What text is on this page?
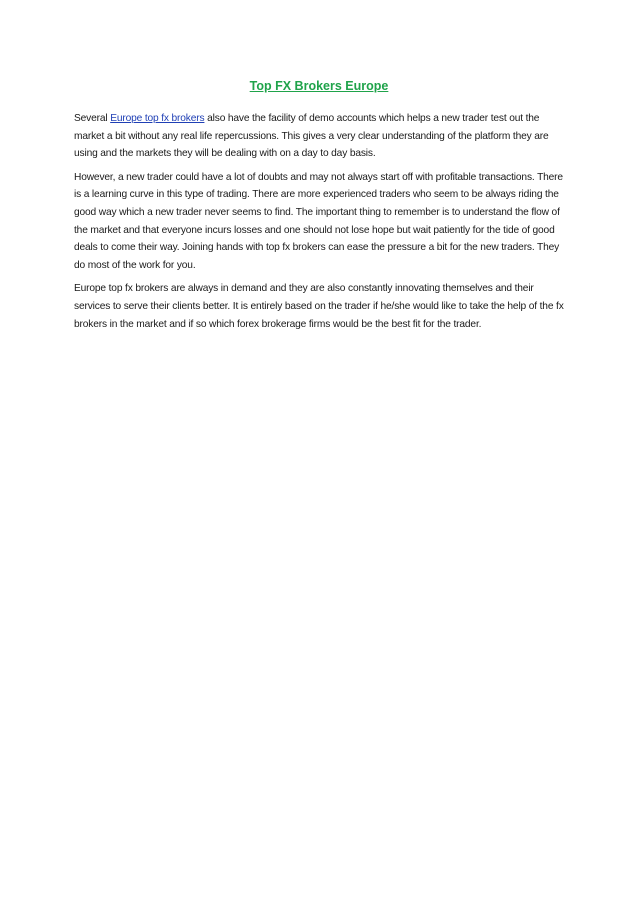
Top FX Brokers Europe

Several Europe top fx brokers also have the facility of demo accounts which helps a new trader test out the market a bit without any real life repercussions. This gives a very clear understanding of the platform they are using and the markets they will be dealing with on a day to day basis.

However, a new trader could have a lot of doubts and may not always start off with profitable transactions. There is a learning curve in this type of trading. There are more experienced traders who seem to be always riding the good way which a new trader never seems to find. The important thing to remember is to understand the flow of the market and that everyone incurs losses and one should not lose hope but wait patiently for the tide of good deals to come their way. Joining hands with top fx brokers can ease the pressure a bit for the new traders. They do most of the work for you.

Europe top fx brokers are always in demand and they are also constantly innovating themselves and their services to serve their clients better. It is entirely based on the trader if he/she would like to take the help of the fx brokers in the market and if so which forex brokerage firms would be the best fit for the trader.
